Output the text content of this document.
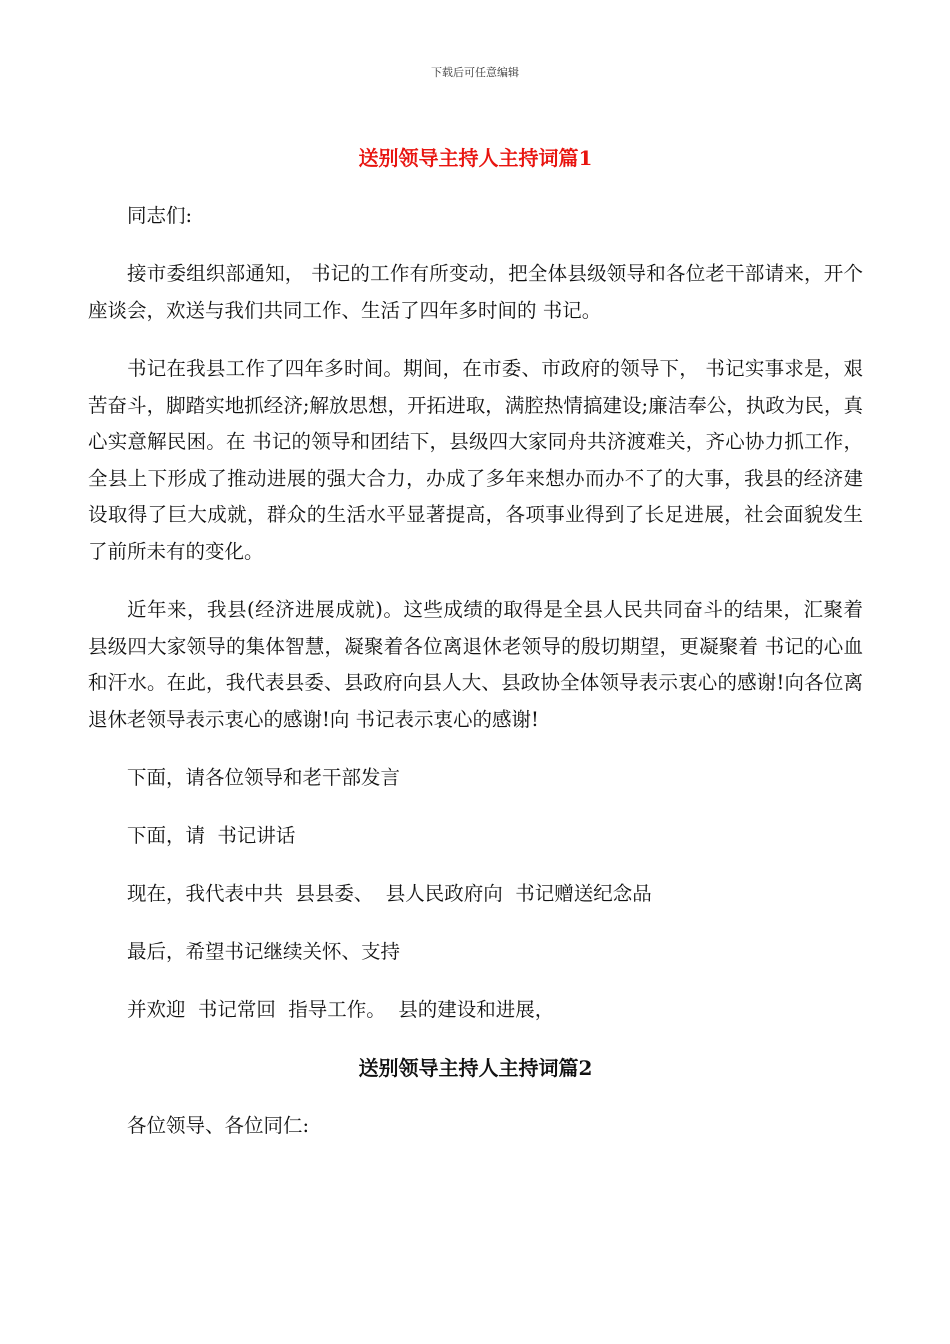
下载后可任意编辑
送别领导主持人主持词篇1
同志们:
接市委组织部通知， 书记的工作有所变动，把全体县级领导和各位老干部请来，开个座谈会，欢送与我们共同工作、生活了四年多时间的 书记。
书记在我县工作了四年多时间。期间，在市委、市政府的领导下， 书记实事求是，艰苦奋斗，脚踏实地抓经济;解放思想，开拓进取，满腔热情搞建设;廉洁奉公，执政为民，真心实意解民困。在 书记的领导和团结下，县级四大家同舟共济渡难关，齐心协力抓工作，全县上下形成了推动进展的强大合力，办成了多年来想办而办不了的大事，我县的经济建设取得了巨大成就，群众的生活水平显著提高，各项事业得到了长足进展，社会面貌发生了前所未有的变化。
近年来，我县(经济进展成就)。这些成绩的取得是全县人民共同奋斗的结果，汇聚着县级四大家领导的集体智慧，凝聚着各位离退休老领导的殷切期望，更凝聚着 书记的心血和汗水。在此，我代表县委、县政府向县人大、县政协全体领导表示衷心的感谢!向各位离退休老领导表示衷心的感谢!向 书记表示衷心的感谢!
下面，请各位领导和老干部发言
下面，请  书记讲话
现在，我代表中共  县县委、  县人民政府向  书记赠送纪念品
最后，希望书记继续关怀、支持
并欢迎  书记常回  指导工作。  县的建设和进展，
送别领导主持人主持词篇2
各位领导、各位同仁:
